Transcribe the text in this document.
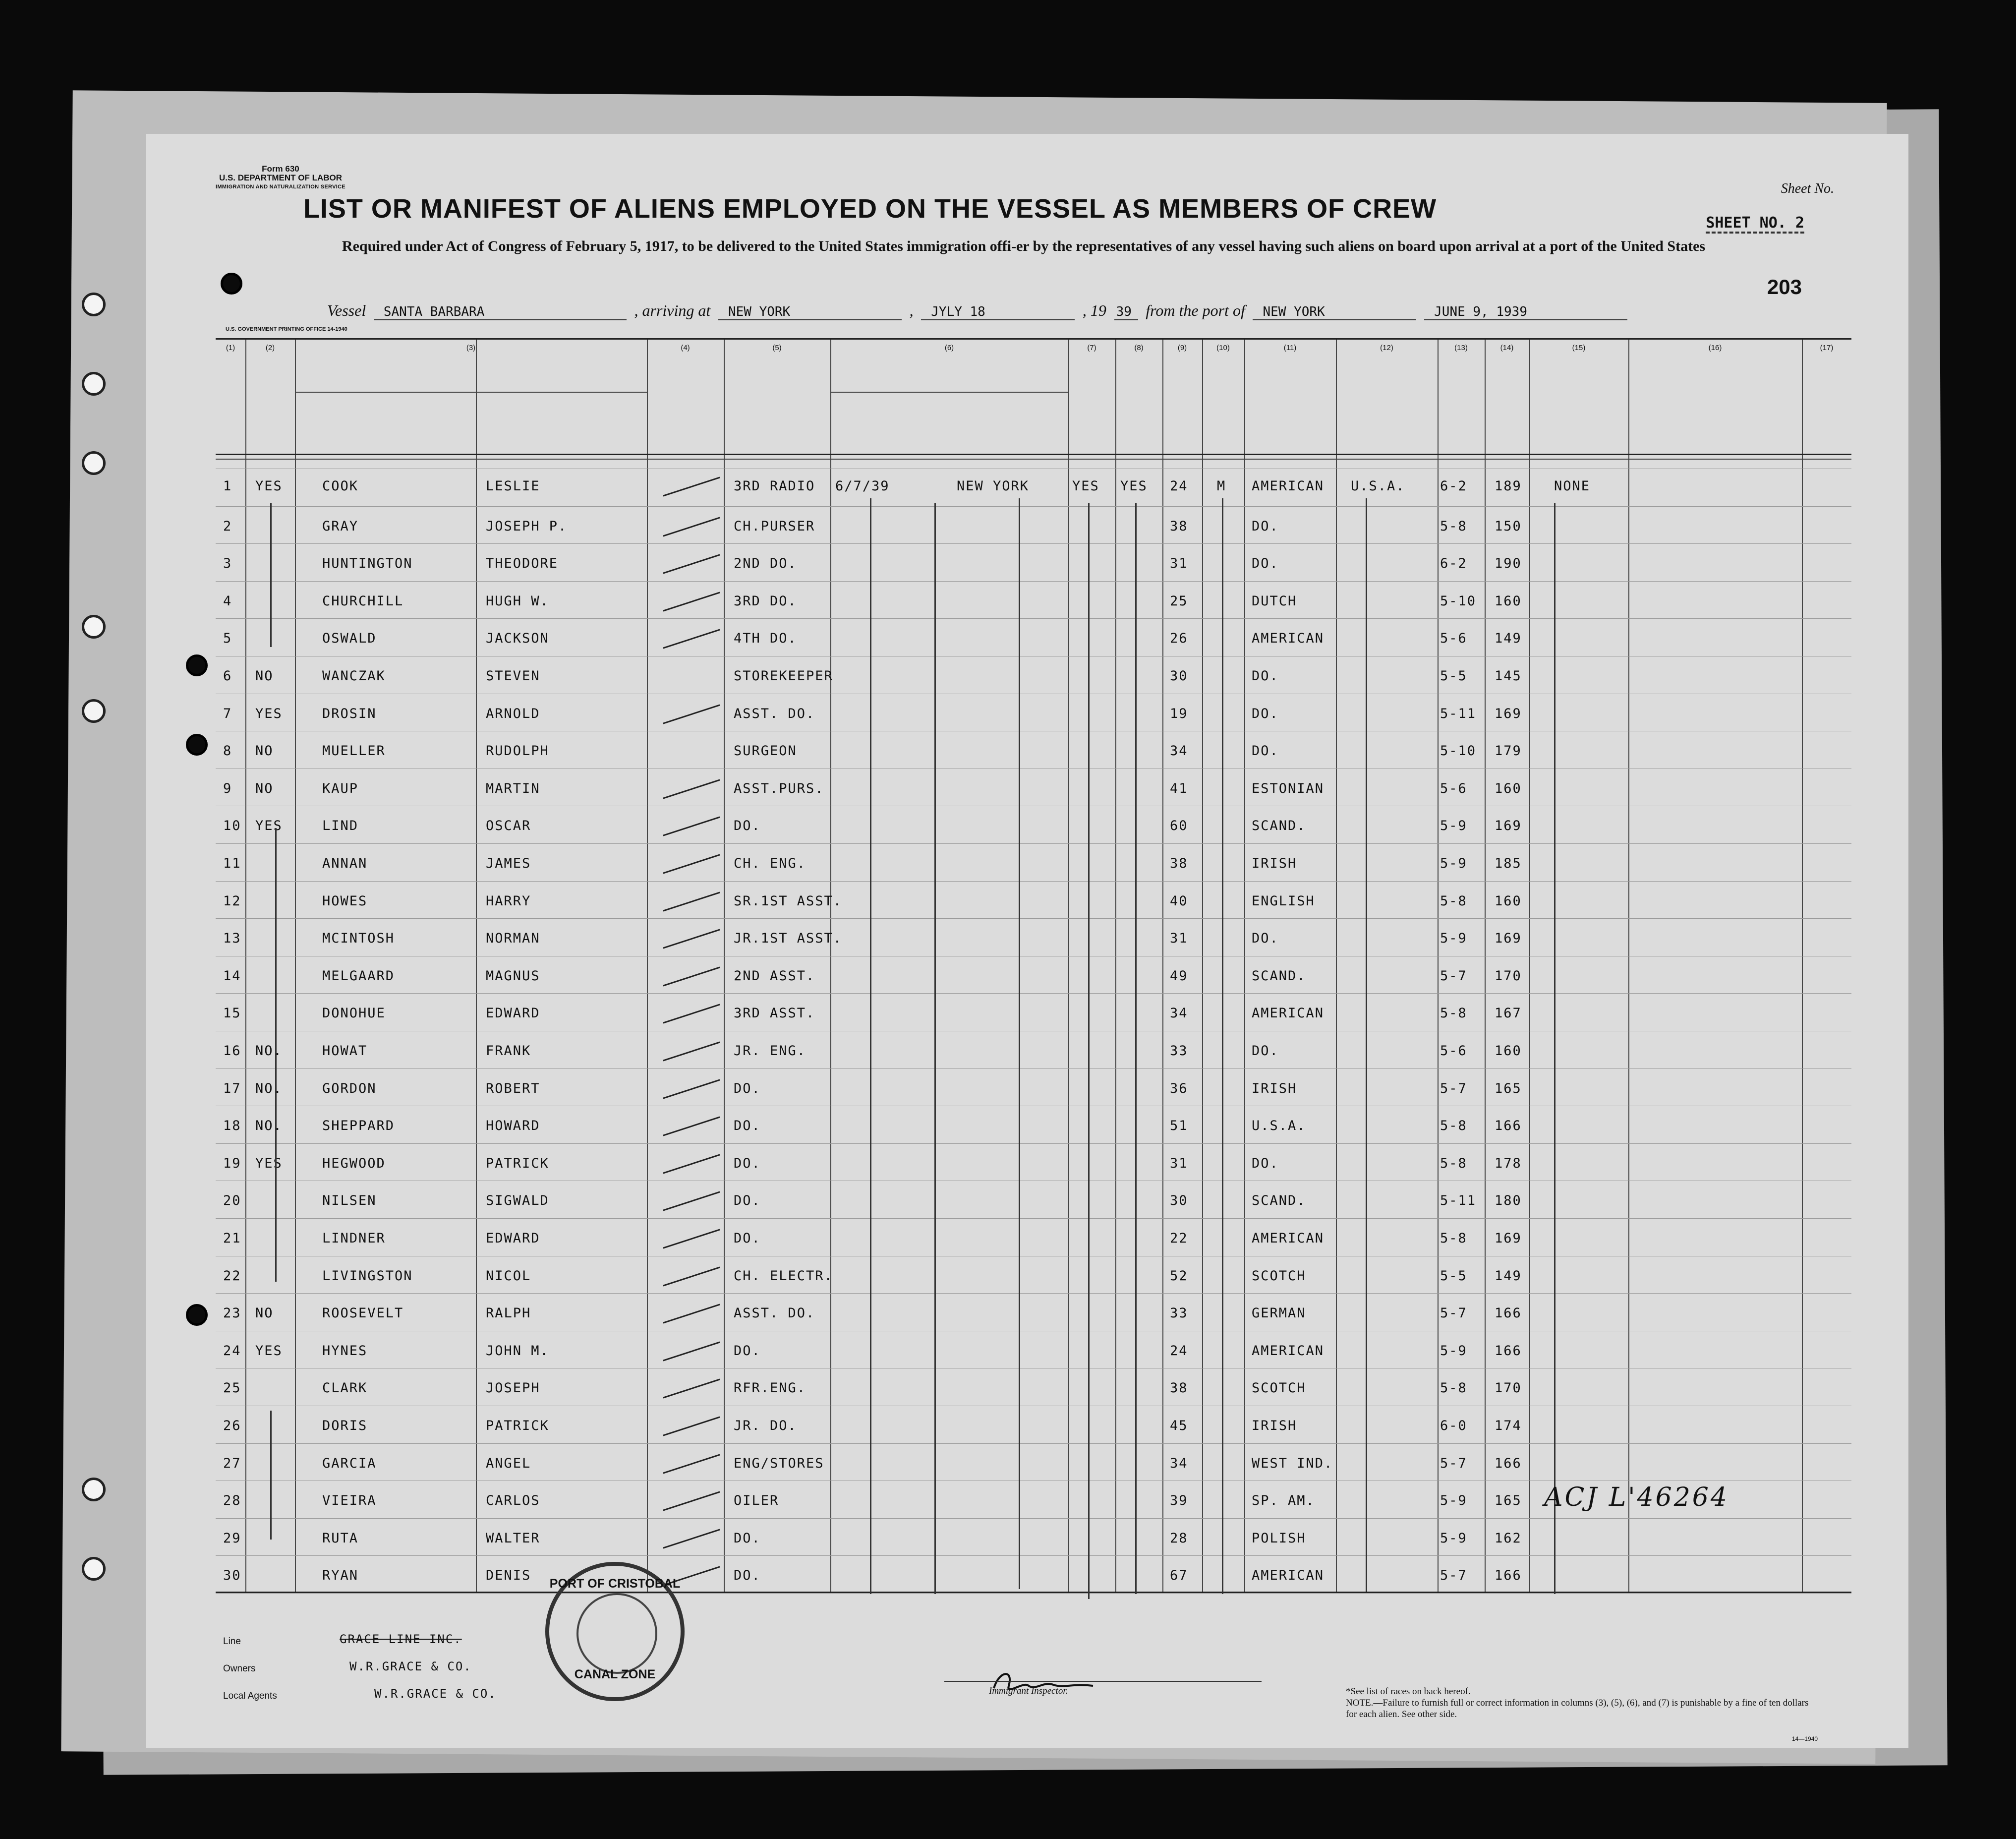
Form 630
U.S. DEPARTMENT OF LABOR
IMMIGRATION AND NATURALIZATION SERVICE	Sheet No.
SHEET NO. 2
203
LIST OR MANIFEST OF ALIENS EMPLOYED ON THE VESSEL AS MEMBERS OF CREW
Required under Act of Congress of February 5, 1917, to be delivered to the United States immigration offi-er by the representatives of any vessel having such aliens on board upon arrival at a port of the United States
Vessel SANTA BARBARA	, arriving at NEW YORK	, JYLY 18	, 19 39 from the port of NEW YORK	JUNE 9, 1939
U.S. GOVERNMENT PRINTING OFFICE 14-1940
(1)	(2)	(3)	(4)	(5)	(6)	(7)	(8)	(9)	(10)	(11)	(12)	(13)	(14)	(15)	(16)	(17)
1 YES	COOK	LESLIE	3RD RADIO 6/7/39	NEW YORK	YES YES 24 M AMERICAN U.S.A.	6-2 189 NONE
2	GRAY	JOSEPH P.	CH.PURSER	38	DO.	5-8 150
3	HUNTINGTON	THEODORE	2ND DO.	31	DO.	6-2 190
4	CHURCHILL	HUGH W.	3RD DO.	25	DUTCH	5-10 160
5	OSWALD	JACKSON	4TH DO.	26	AMERICAN	5-6 149
6 NO	WANCZAK	STEVEN	STOREKEEPER	30	DO.	5-5 145
7 YES	DROSIN	ARNOLD	ASST. DO.	19	DO.	5-11 169
8 NO	MUELLER	RUDOLPH	SURGEON	34	DO.	5-10 179
9 NO	KAUP	MARTIN	ASST.PURS.	41	ESTONIAN	5-6 160
10 YES	LIND	OSCAR	DO.	60	SCAND.	5-9 169
11	ANNAN	JAMES	CH. ENG.	38	IRISH	5-9 185
12	HOWES	HARRY	SR.1ST ASST.	40	ENGLISH	5-8 160
13	MCINTOSH	NORMAN	JR.1ST ASST.	31	DO.	5-9 169
14	MELGAARD	MAGNUS	2ND ASST.	49	SCAND.	5-7 170
15	DONOHUE	EDWARD	3RD ASST.	34	AMERICAN	5-8 167
16 NO.	HOWAT	FRANK	JR. ENG.	33	DO.	5-6 160
17 NO.	GORDON	ROBERT	DO.	36	IRISH	5-7 165
18 NO.	SHEPPARD	HOWARD	DO.	51	U.S.A.	5-8 166
19 YES	HEGWOOD	PATRICK	DO.	31	DO.	5-8 178
20	NILSEN	SIGWALD	DO.	30	SCAND.	5-11 180
21	LINDNER	EDWARD	DO.	22	AMERICAN	5-8 169
22	LIVINGSTON	NICOL	CH. ELECTR.	52	SCOTCH	5-5 149
23 NO	ROOSEVELT	RALPH	ASST. DO.	33	GERMAN	5-7 166
24 YES	HYNES	JOHN M.	DO.	24	AMERICAN	5-9 166
25	CLARK	JOSEPH	RFR.ENG.	38	SCOTCH	5-8 170
26	DORIS	PATRICK	JR. DO.	45	IRISH	6-0 174
27	GARCIA	ANGEL	ENG/STORES	34	WEST IND.	5-7 166
28	VIEIRA	CARLOS	OILER	39	SP. AM.	5-9 165
29	RUTA	WALTER	DO.	28	POLISH	5-9 162
30	RYAN	DENIS	DO.	67	AMERICAN	5-7 166
Line
Owners
Local Agents
GRACE LINE INC.
W.R.GRACE & CO.
W.R.GRACE & CO.
PORT OF CRISTOBAL
CANAL ZONE
Immigrant Inspector.	*See list of races on back hereof.
NOTE.—Failure to furnish full or correct information in columns (3), (5), (6), and (7) is punishable by a fine of ten dollars for each alien. See other side.
ACJ L'46264
14—1940
